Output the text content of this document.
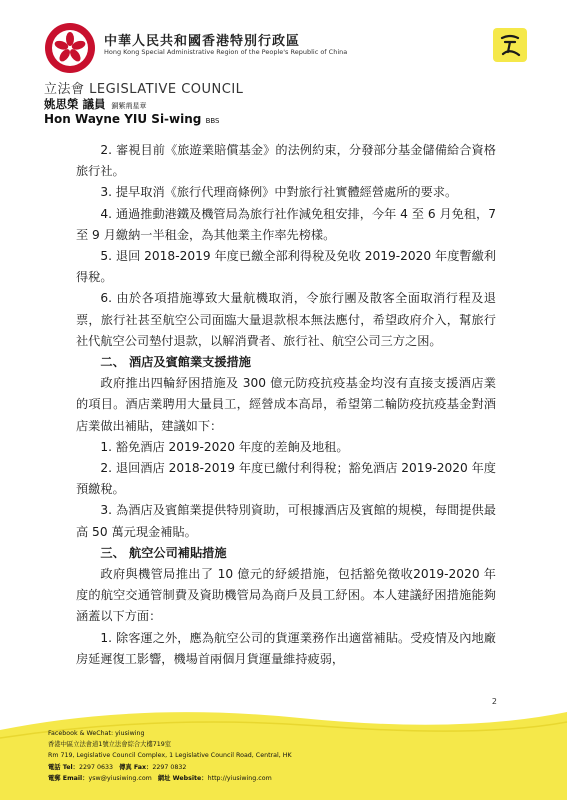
中華人民共和國香港特別行政區
Hong Kong Special Administrative Region of the People's Republic of China
立法會 LEGISLATIVE COUNCIL
姚思榮 議員 銅紫荊星章
Hon Wayne YIU Si-wing BBS

2. 審視目前《旅遊業賠償基金》的法例約束，分發部分基金儲備給合資格旅行社。

3. 提早取消《旅行代理商條例》中對旅行社實體經營處所的要求。

4. 通過推動港鐵及機管局為旅行社作減免租安排，今年 4 至 6 月免租，7 至 9 月繳納一半租金，為其他業主作率先榜樣。

5. 退回 2018-2019 年度已繳全部利得稅及免收 2019-2020 年度暫繳利得稅。

6. 由於各項措施導致大量航機取消，令旅行團及散客全面取消行程及退票，旅行社甚至航空公司面臨大量退款根本無法應付，希望政府介入，幫旅行社代航空公司墊付退款，以解消費者、旅行社、航空公司三方之困。

二、 酒店及賓館業支援措施

政府推出四輪紓困措施及 300 億元防疫抗疫基金均沒有直接支援酒店業的項目。酒店業聘用大量員工，經營成本高昂，希望第二輪防疫抗疫基金對酒店業做出補貼，建議如下：

1. 豁免酒店 2019-2020 年度的差餉及地租。

2. 退回酒店 2018-2019 年度已繳付利得稅；豁免酒店 2019-2020 年度預繳稅。

3. 為酒店及賓館業提供特別資助，可根據酒店及賓館的規模，每間提供最高 50 萬元現金補貼。

三、 航空公司補貼措施

政府與機管局推出了 10 億元的紓緩措施，包括豁免徵收2019-2020 年度的航空交通管制費及資助機管局為商戶及員工紓困。本人建議紓困措施能夠涵蓋以下方面：

1. 除客運之外，應為航空公司的貨運業務作出適當補貼。受疫情及內地廠房延遲復工影響，機場首兩個月貨運量維持疲弱，

2
Facebook & WeChat: yiusiwing
香港中區立法會道1號立法會綜合大樓719室
Rm 719, Legislative Council Complex, 1 Legislative Council Road, Central, HK
電話 Tel：2297 0633 傳真 Fax：2297 0832
電郵 Email：ysw@yiusiwing.com 網址 Website：http://yiusiwing.com
